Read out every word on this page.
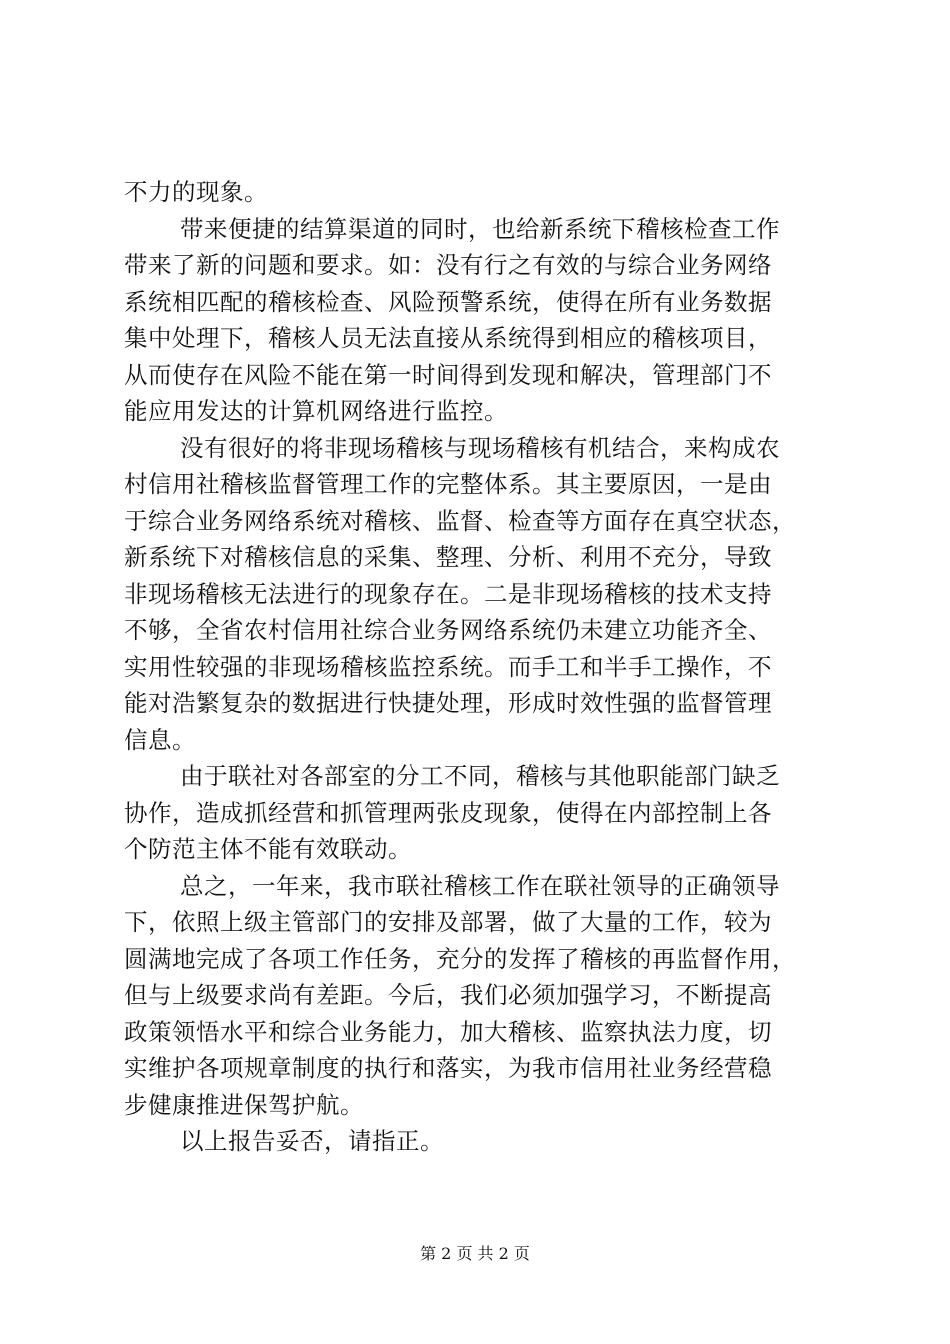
不力的现象。
带来便捷的结算渠道的同时，也给新系统下稽核检查工作
带来了新的问题和要求。如：没有行之有效的与综合业务网络
系统相匹配的稽核检查、风险预警系统，使得在所有业务数据
集中处理下，稽核人员无法直接从系统得到相应的稽核项目，
从而使存在风险不能在第一时间得到发现和解决，管理部门不
能应用发达的计算机网络进行监控。
没有很好的将非现场稽核与现场稽核有机结合，来构成农
村信用社稽核监督管理工作的完整体系。其主要原因，一是由
于综合业务网络系统对稽核、监督、检查等方面存在真空状态，
新系统下对稽核信息的采集、整理、分析、利用不充分，导致
非现场稽核无法进行的现象存在。二是非现场稽核的技术支持
不够，全省农村信用社综合业务网络系统仍未建立功能齐全、
实用性较强的非现场稽核监控系统。而手工和半手工操作，不
能对浩繁复杂的数据进行快捷处理，形成时效性强的监督管理
信息。
由于联社对各部室的分工不同，稽核与其他职能部门缺乏
协作，造成抓经营和抓管理两张皮现象，使得在内部控制上各
个防范主体不能有效联动。
总之，一年来，我市联社稽核工作在联社领导的正确领导
下，依照上级主管部门的安排及部署，做了大量的工作，较为
圆满地完成了各项工作任务，充分的发挥了稽核的再监督作用，
但与上级要求尚有差距。今后，我们必须加强学习，不断提高
政策领悟水平和综合业务能力，加大稽核、监察执法力度，切
实维护各项规章制度的执行和落实，为我市信用社业务经营稳
步健康推进保驾护航。
以上报告妥否，请指正。
第 2 页 共 2 页
